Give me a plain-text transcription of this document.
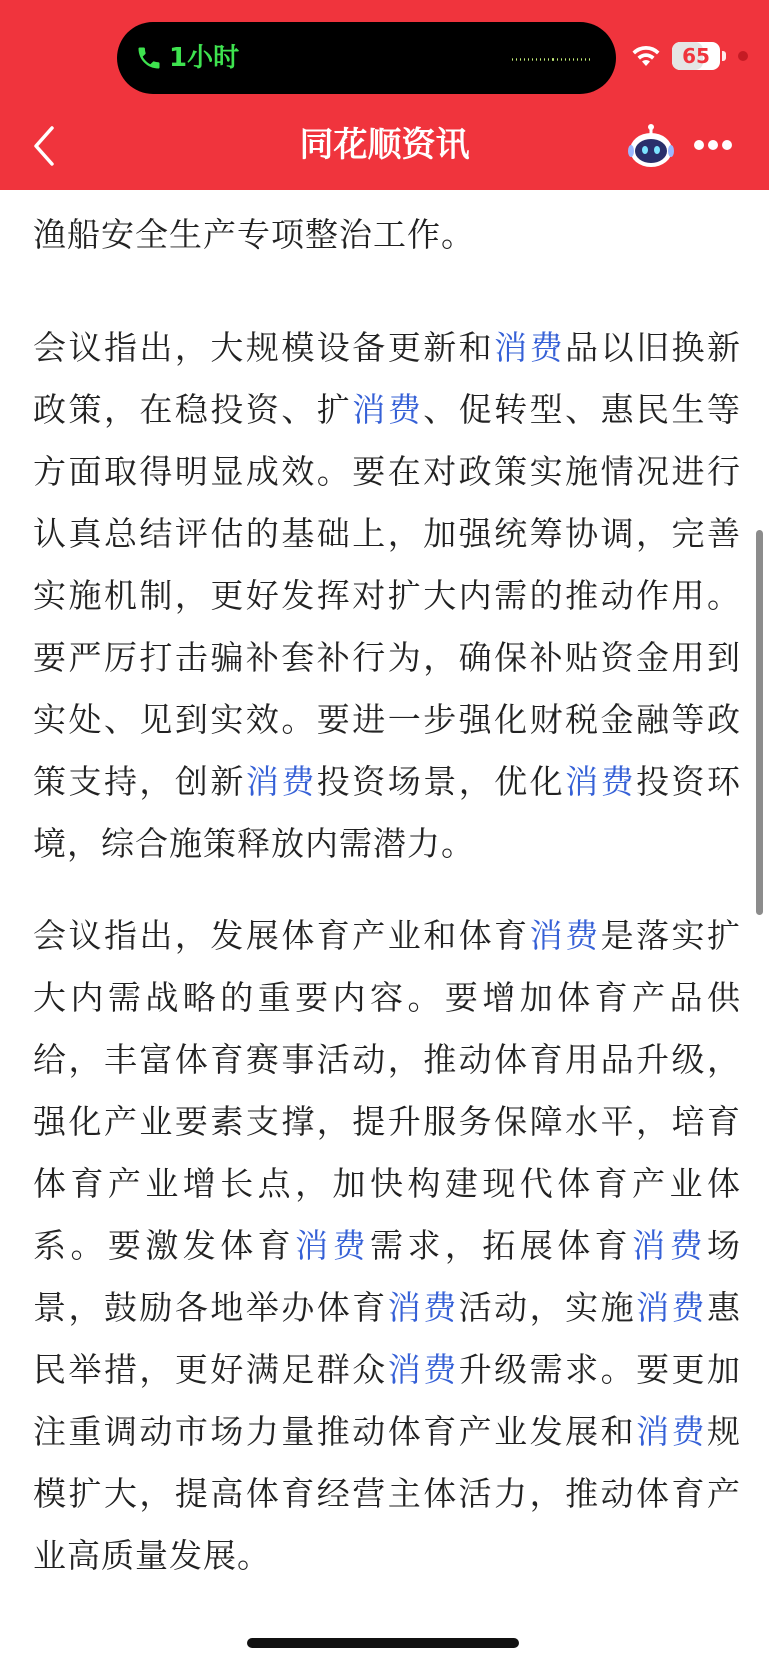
1小时	65
同花顺资讯

渔船安全生产专项整治工作。

会议指出，大规模设备更新和消费品以旧换新政策，在稳投资、扩消费、促转型、惠民生等方面取得明显成效。要在对政策实施情况进行认真总结评估的基础上，加强统筹协调，完善实施机制，更好发挥对扩大内需的推动作用。要严厉打击骗补套补行为，确保补贴资金用到实处、见到实效。要进一步强化财税金融等政策支持，创新消费投资场景，优化消费投资环境，综合施策释放内需潜力。

会议指出，发展体育产业和体育消费是落实扩大内需战略的重要内容。要增加体育产品供给，丰富体育赛事活动，推动体育用品升级，强化产业要素支撑，提升服务保障水平，培育体育产业增长点，加快构建现代体育产业体系。要激发体育消费需求，拓展体育消费场景，鼓励各地举办体育消费活动，实施消费惠民举措，更好满足群众消费升级需求。要更加注重调动市场力量推动体育产业发展和消费规模扩大，提高体育经营主体活力，推动体育产业高质量发展。
